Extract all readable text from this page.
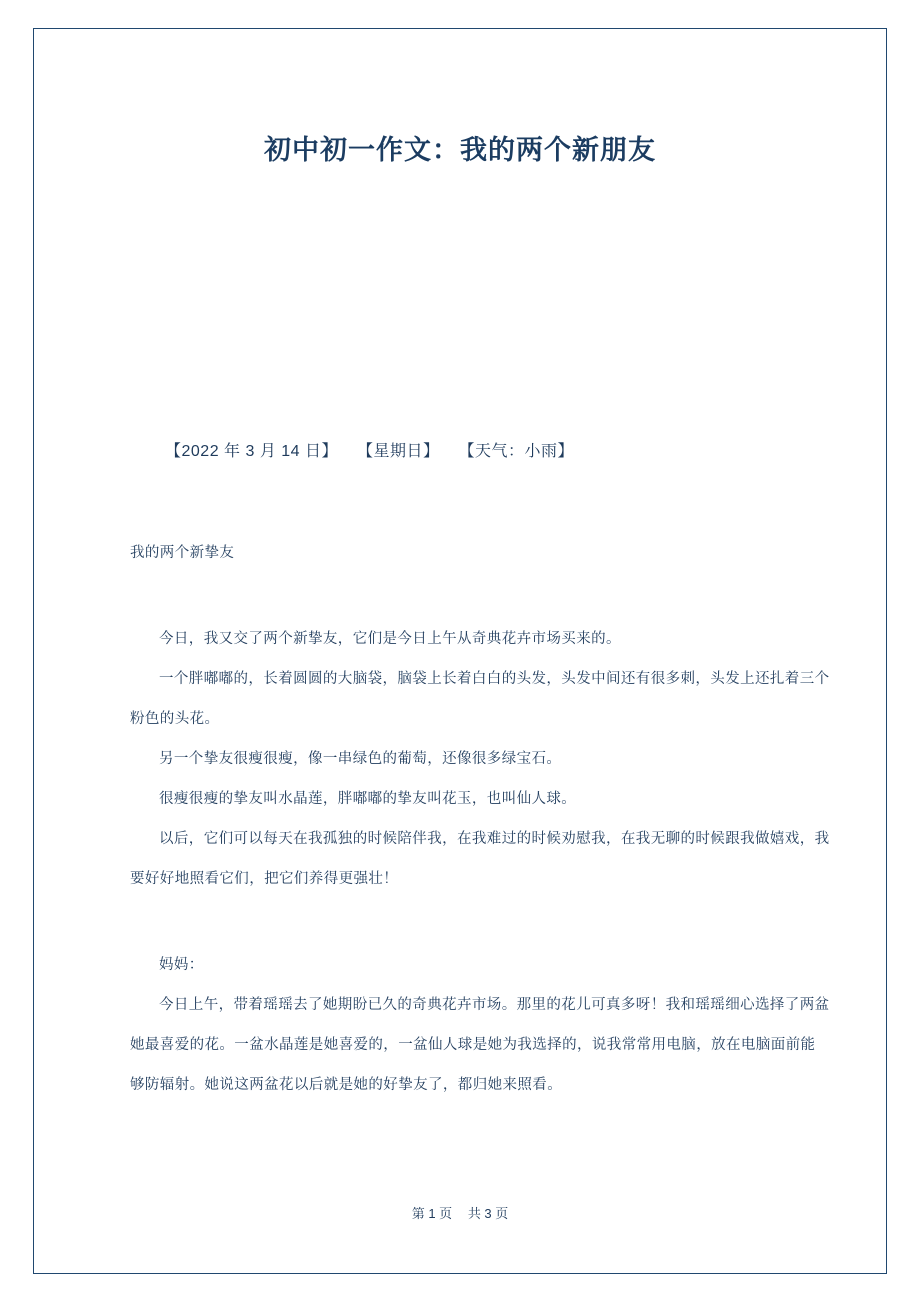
初中初一作文：我的两个新朋友
【2022 年 3 月 14 日】 【星期日】 【天气：小雨】

我的两个新挚友

今日，我又交了两个新挚友，它们是今日上午从奇典花卉市场买来的。

一个胖嘟嘟的，长着圆圆的大脑袋，脑袋上长着白白的头发，头发中间还有很多刺，头发上还扎着三个粉色的头花。

另一个挚友很瘦很瘦，像一串绿色的葡萄，还像很多绿宝石。

很瘦很瘦的挚友叫水晶莲，胖嘟嘟的挚友叫花玉，也叫仙人球。

以后，它们可以每天在我孤独的时候陪伴我，在我难过的时候劝慰我，在我无聊的时候跟我做嬉戏，我要好好地照看它们，把它们养得更强壮！

妈妈：

今日上午，带着瑶瑶去了她期盼已久的奇典花卉市场。那里的花儿可真多呀！我和瑶瑶细心选择了两盆她最喜爱的花。一盆水晶莲是她喜爱的，一盆仙人球是她为我选择的，说我常常用电脑，放在电脑面前能够防辐射。她说这两盆花以后就是她的好挚友了，都归她来照看。

第 1 页 共 3 页
